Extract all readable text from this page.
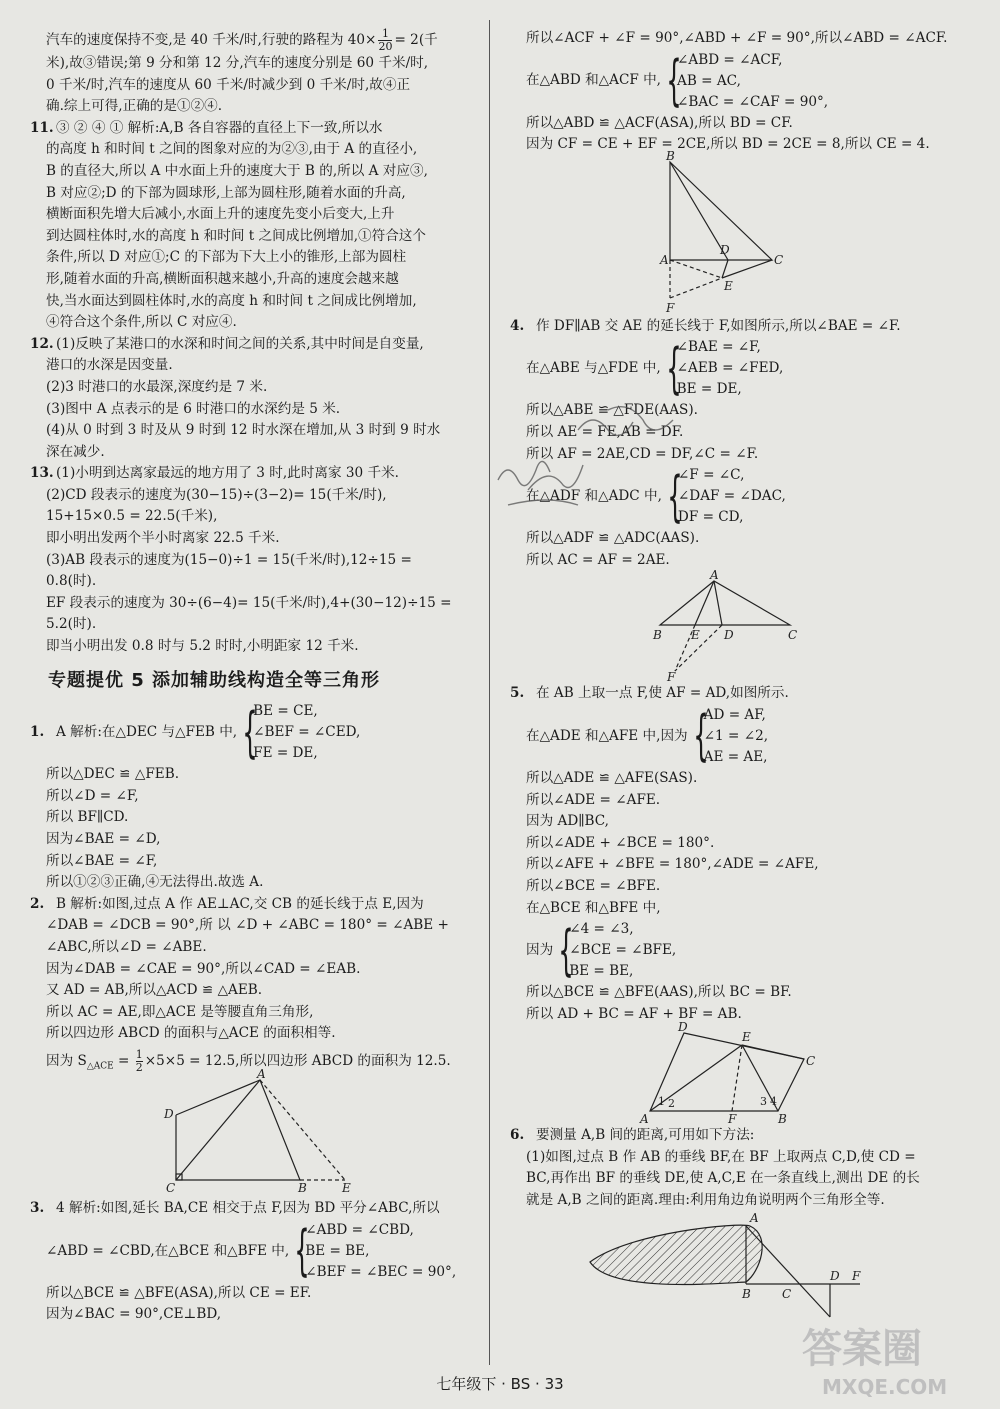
汽车的速度保持不变,是 40 千米/时,行驶的路程为 $40\times \frac{1}{20} = 2$(千
米),故③错误;第 9 分和第 12 分,汽车的速度分别是 60 千米/时,
0 千米/时,汽车的速度从 60 千米/时减少到 0 千米/时,故④正
确.综上可得,正确的是①②④.
11. ③ ② ④ ① 解析:A,B 各自容器的直径上下一致,所以水
的高度 h 和时间 t 之间的图象对应的为②③,由于 A 的直径小,
B 的直径大,所以 A 中水面上升的速度大于 B 的,所以 A 对应③,
B 对应②;D 的下部为圆球形,上部为圆柱形,随着水面的升高,
横断面积先增大后减小,水面上升的速度先变小后变大,上升
到达圆柱体时,水的高度 h 和时间 t 之间成比例增加,①符合这个
条件,所以 D 对应①;C 的下部为下大上小的锥形,上部为圆柱
形,随着水面的升高,横断面积越来越小,升高的速度会越来越
快,当水面达到圆柱体时,水的高度 h 和时间 t 之间成比例增加,
④符合这个条件,所以 C 对应④.
12. (1)反映了某港口的水深和时间之间的关系,其中时间是自变量,
港口的水深是因变量.
(2)3 时港口的水最深,深度约是 7 米.
(3)图中 A 点表示的是 6 时港口的水深约是 5 米.
(4)从 0 时到 3 时及从 9 时到 12 时水深在增加,从 3 时到 9 时水
深在减少.
13. (1)小明到达离家最远的地方用了 3 时,此时离家 30 千米.
(2)CD 段表示的速度为(30−15)÷(3−2)= 15(千米/时),
15+15×0.5 = 22.5(千米),
即小明出发两个半小时离家 22.5 千米.
(3)AB 段表示的速度为(15−0)÷1 = 15(千米/时),12÷15 =
0.8(时).
EF 段表示的速度为 30÷(6−4)= 15(千米/时),4+(30−12)÷15 =
5.2(时).
即当小明出发 0.8 时与 5.2 时时,小明距家 12 千米.
专题提优 5 添加辅助线构造全等三角形
1. A 解析:在△DEC 与△FEB 中, {
BE = CE,
∠BEF = ∠CED,
FE = DE,
所以△DEC ≌ △FEB.
所以∠D = ∠F,
所以 BF∥CD.
因为∠BAE = ∠D,
所以∠BAE = ∠F,
所以①②③正确,④无法得出.故选 A.
2. B 解析:如图,过点 A 作 AE⊥AC,交 CB 的延长线于点 E,因为
∠DAB = ∠DCB = 90°,所 以 ∠D + ∠ABC = 180° = ∠ABE +
∠ABC,所以∠D = ∠ABE.
因为∠DAB = ∠CAE = 90°,所以∠CAD = ∠EAB.
又 AD = AB,所以△ACD ≌ △AEB.
所以 AC = AE,即△ACE 是等腰直角三角形,
所以四边形 ABCD 的面积与△ACE 的面积相等.
因为 $S_{\triangle ACE} = \frac{1}{2} \times 5\times 5 = 12.5$,所以四边形 ABCD 的面积为 12.5.
A
D
C	B	E
3. 4 解析:如图,延长 BA,CE 相交于点 F,因为 BD 平分∠ABC,所以
∠ABD = ∠CBD,在△BCE 和△BFE 中, {
∠ABD = ∠CBD,
BE = BE,
∠BEF = ∠BEC = 90°,
所以△BCE ≌ △BFE(ASA),所以 CE = EF.
因为∠BAC = 90°,CE⊥BD,
所以∠ACF + ∠F = 90°,∠ABD + ∠F = 90°,所以∠ABD = ∠ACF.
在△ABD 和△ACF 中, {
∠ABD = ∠ACF,
AB = AC,
∠BAC = ∠CAF = 90°,
所以△ABD ≌ △ACF(ASA),所以 BD = CF.
因为 CF = CE + EF = 2CE,所以 BD = 2CE = 8,所以 CE = 4.
B
A
D
C
E
F
4. 作 DF∥AB 交 AE 的延长线于 F,如图所示,所以∠BAE = ∠F.
在△ABE 与△FDE 中, {
∠BAE = ∠F,
∠AEB = ∠FED,
BE = DE,
所以△ABE ≌ △FDE(AAS).
所以 AE = FE,AB = DF.
所以 AF = 2AE,CD = DF,∠C = ∠F.
在△ADF 和△ADC 中, {
∠F = ∠C,
∠DAF = ∠DAC,
DF = CD,
所以△ADF ≌ △ADC(AAS).
所以 AC = AF = 2AE.
A
B E D	C
F
5. 在 AB 上取一点 F,使 AF = AD,如图所示.
在△ADE 和△AFE 中,因为 {
AD = AF,
∠1 = ∠2,
AE = AE,
所以△ADE ≌ △AFE(SAS).
所以∠ADE = ∠AFE.
因为 AD∥BC,
所以∠ADE + ∠BCE = 180°.
所以∠AFE + ∠BFE = 180°,∠ADE = ∠AFE,
所以∠BCE = ∠BFE.
在△BCE 和△BFE 中,
因为 {
∠4 = ∠3,
∠BCE = ∠BFE,
BE = BE,
所以△BCE ≌ △BFE(AAS),所以 BC = BF.
所以 AD + BC = AF + BF = AB.
D
E
C
A	F	B
1 2	3 4
6. 要测量 A,B 间的距离,可用如下方法:
(1)如图,过点 B 作 AB 的垂线 BF,在 BF 上取两点 C,D,使 CD =
BC,再作出 BF 的垂线 DE,使 A,C,E 在一条直线上,测出 DE 的长
就是 A,B 之间的距离.理由:利用角边角说明两个三角形全等.
A
B	C
D F
七年级下 · BS · 33
答案圈
MXQE.COM
